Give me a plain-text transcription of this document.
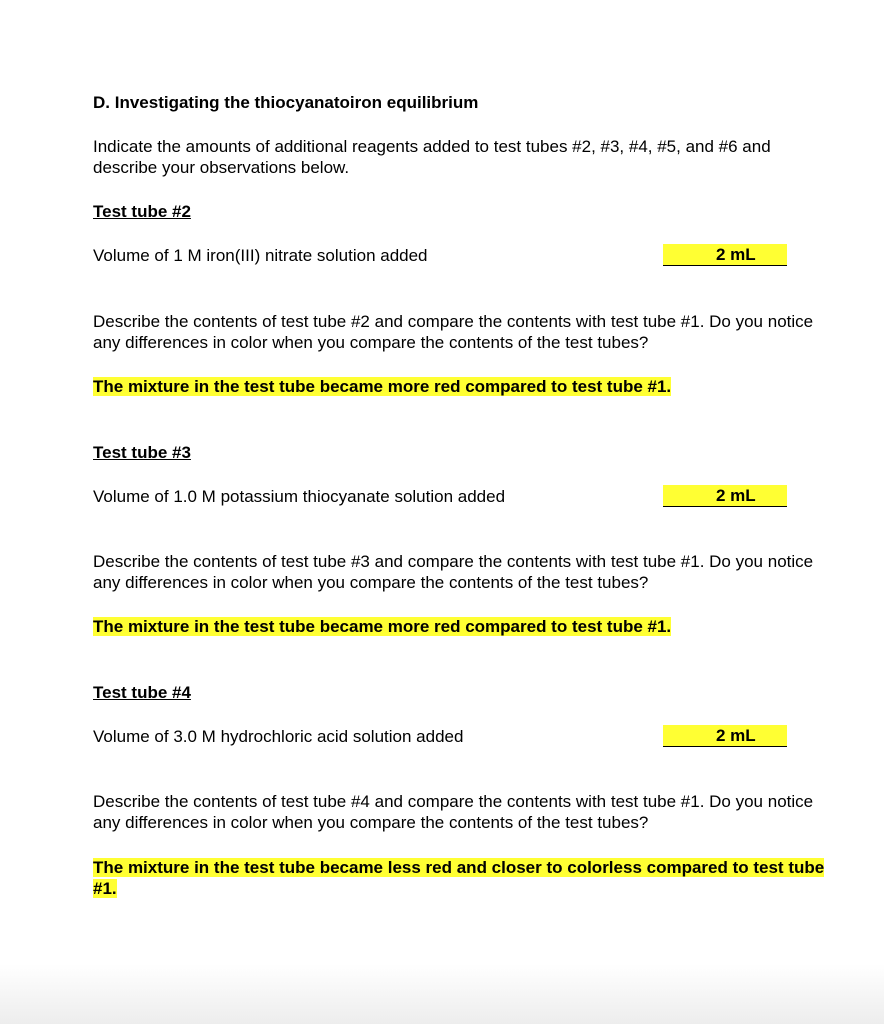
D. Investigating the thiocyanatoiron equilibrium
Indicate the amounts of additional reagents added to test tubes #2, #3, #4, #5, and #6 and describe your observations below.
Test tube #2
Volume of 1 M iron(III) nitrate solution added	2 mL
Describe the contents of test tube #2 and compare the contents with test tube #1. Do you notice any differences in color when you compare the contents of the test tubes?
The mixture in the test tube became more red compared to test tube #1.
Test tube #3
Volume of 1.0 M potassium thiocyanate solution added	2 mL
Describe the contents of test tube #3 and compare the contents with test tube #1. Do you notice any differences in color when you compare the contents of the test tubes?
The mixture in the test tube became more red compared to test tube #1.
Test tube #4
Volume of 3.0 M hydrochloric acid solution added	2 mL
Describe the contents of test tube #4 and compare the contents with test tube #1. Do you notice any differences in color when you compare the contents of the test tubes?
The mixture in the test tube became less red and closer to colorless compared to test tube #1.
